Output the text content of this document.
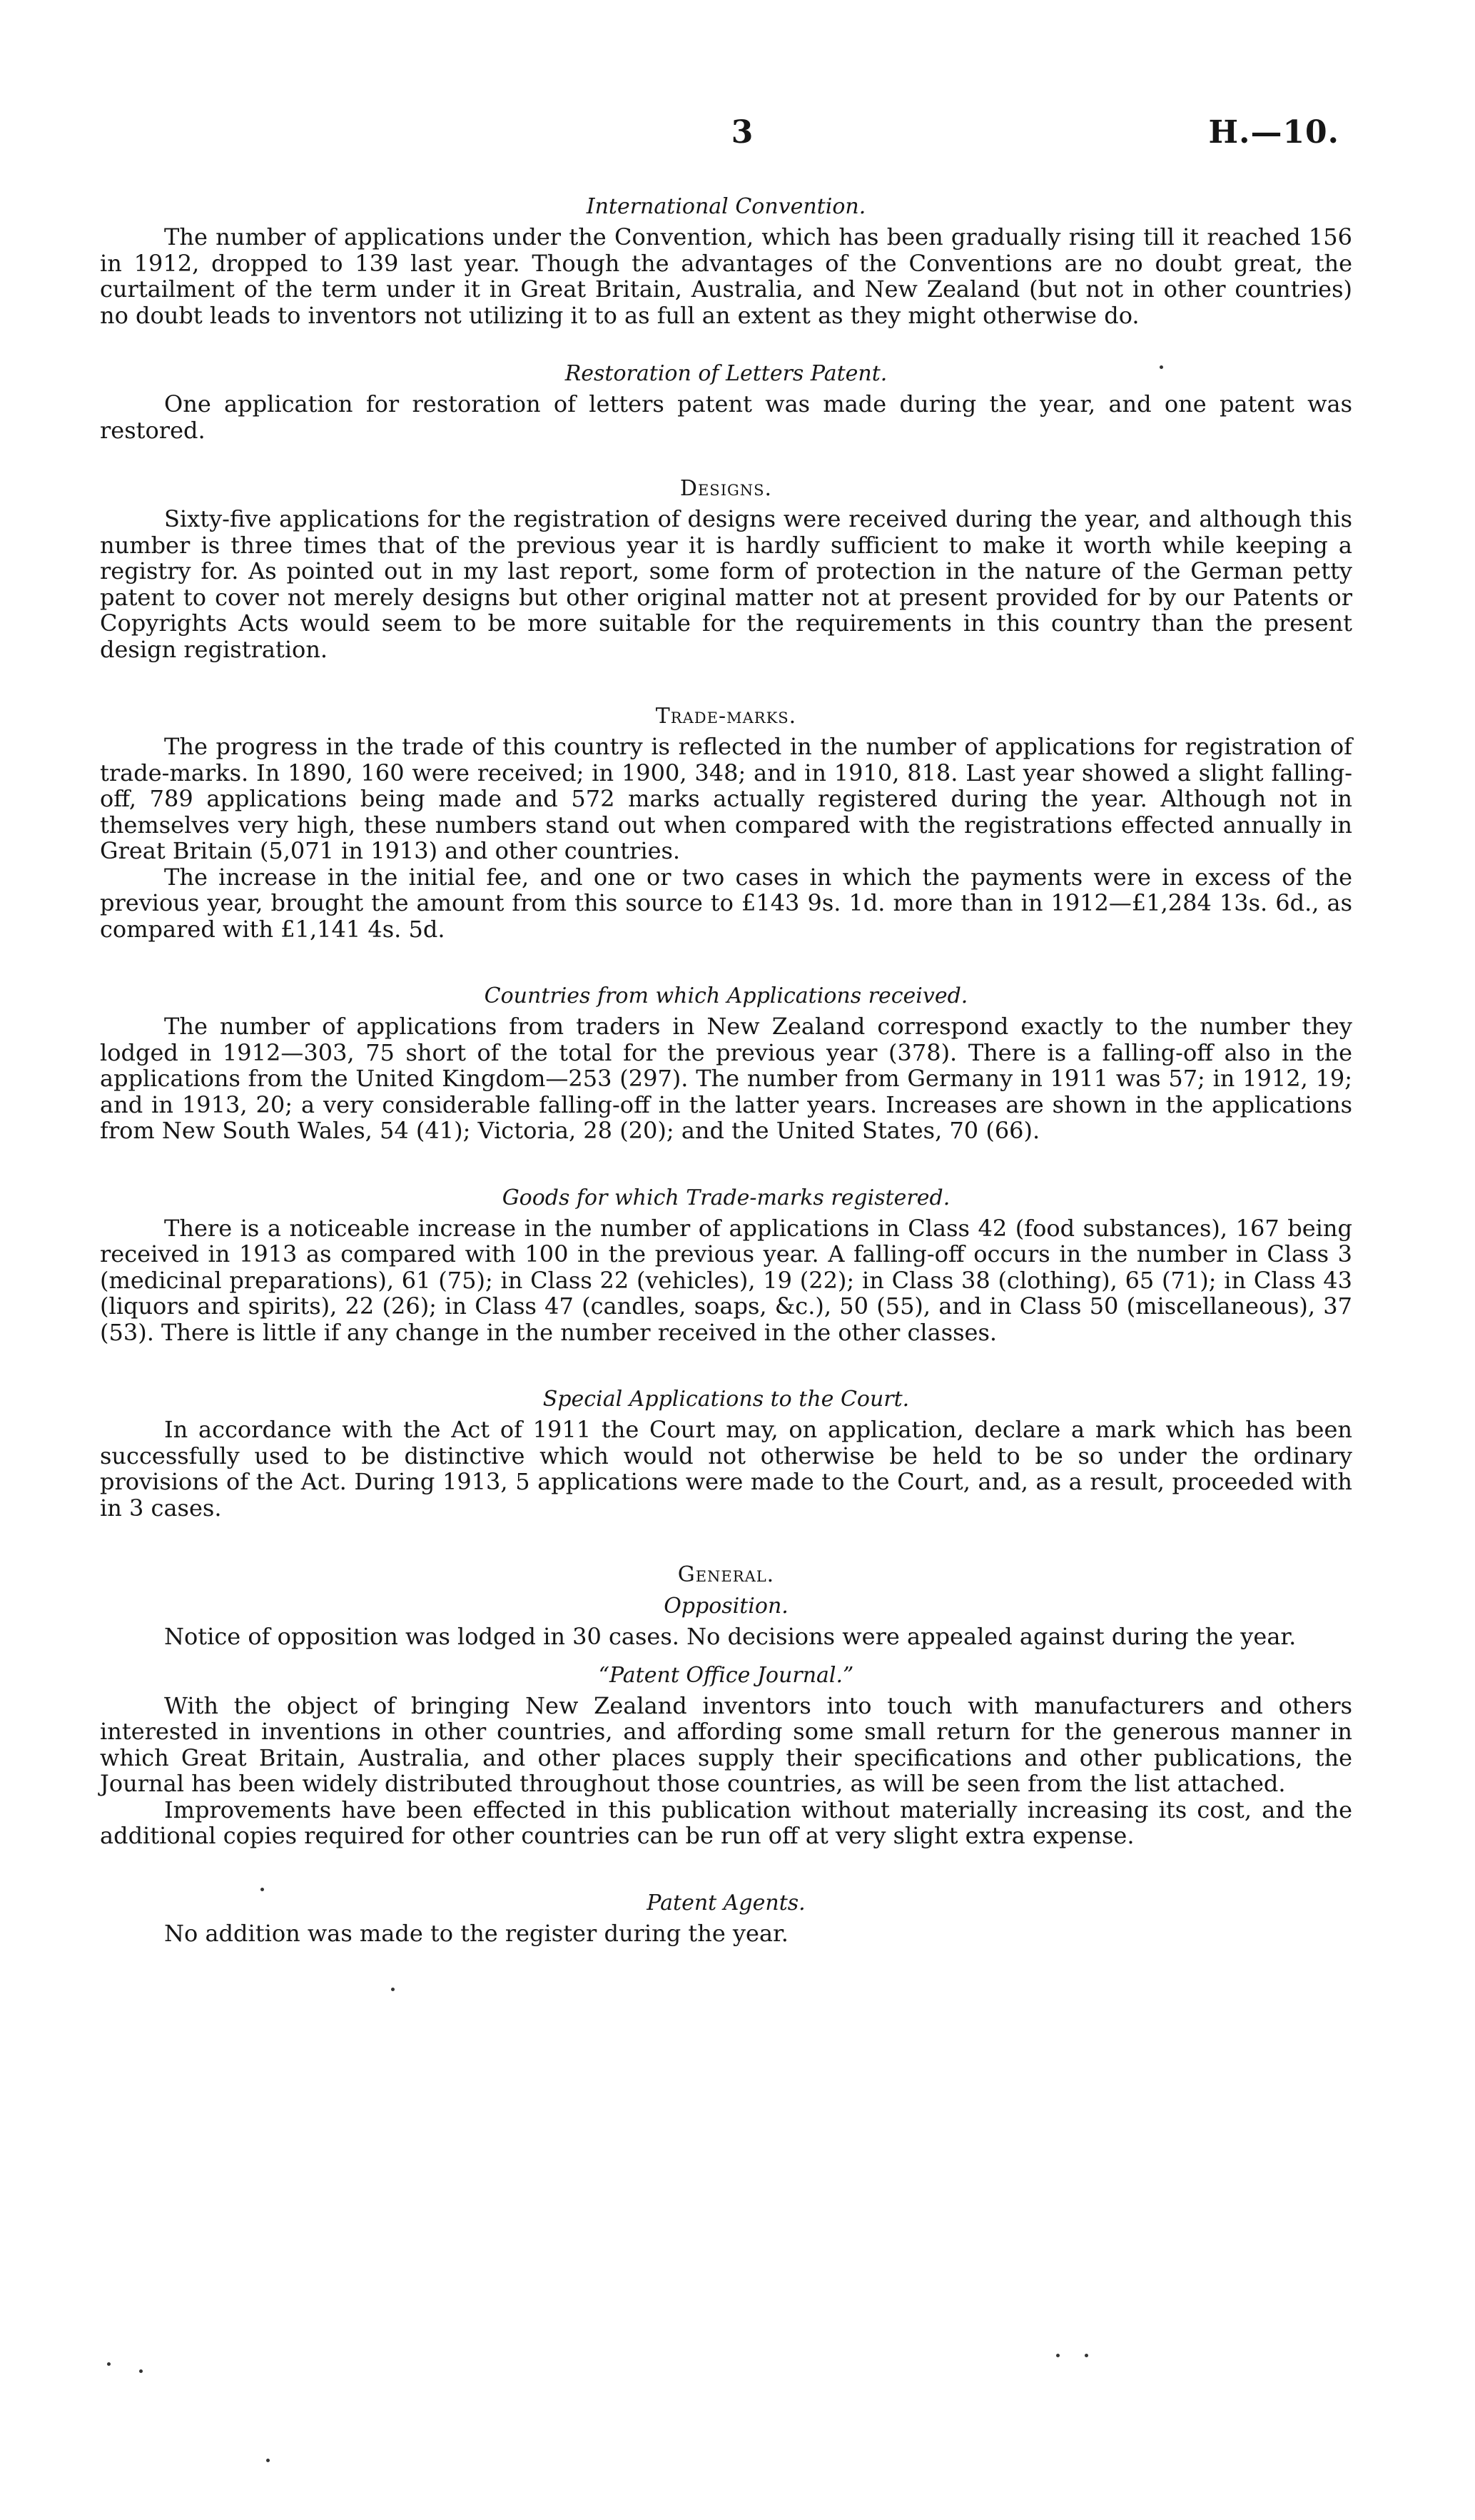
3	H.—10.

International Convention.

The number of applications under the Convention, which has been gradually rising till it reached 156 in 1912, dropped to 139 last year. Though the advantages of the Conventions are no doubt great, the curtailment of the term under it in Great Britain, Australia, and New Zealand (but not in other countries) no doubt leads to inventors not utilizing it to as full an extent as they might otherwise do.

Restoration of Letters Patent.

One application for restoration of letters patent was made during the year, and one patent was restored.

Designs.

Sixty-five applications for the registration of designs were received during the year, and although this number is three times that of the previous year it is hardly sufficient to make it worth while keeping a registry for. As pointed out in my last report, some form of protection in the nature of the German petty patent to cover not merely designs but other original matter not at present provided for by our Patents or Copyrights Acts would seem to be more suitable for the requirements in this country than the present design registration.

Trade-marks.

The progress in the trade of this country is reflected in the number of applications for registration of trade-marks. In 1890, 160 were received; in 1900, 348; and in 1910, 818. Last year showed a slight falling-off, 789 applications being made and 572 marks actually registered during the year. Although not in themselves very high, these numbers stand out when compared with the registrations effected annually in Great Britain (5,071 in 1913) and other countries.

The increase in the initial fee, and one or two cases in which the payments were in excess of the previous year, brought the amount from this source to £143 9s. 1d. more than in 1912—£1,284 13s. 6d., as compared with £1,141 4s. 5d.

Countries from which Applications received.

The number of applications from traders in New Zealand correspond exactly to the number they lodged in 1912—303, 75 short of the total for the previous year (378). There is a falling-off also in the applications from the United Kingdom—253 (297). The number from Germany in 1911 was 57; in 1912, 19; and in 1913, 20; a very considerable falling-off in the latter years. Increases are shown in the applications from New South Wales, 54 (41); Victoria, 28 (20); and the United States, 70 (66).

Goods for which Trade-marks registered.

There is a noticeable increase in the number of applications in Class 42 (food substances), 167 being received in 1913 as compared with 100 in the previous year. A falling-off occurs in the number in Class 3 (medicinal preparations), 61 (75); in Class 22 (vehicles), 19 (22); in Class 38 (clothing), 65 (71); in Class 43 (liquors and spirits), 22 (26); in Class 47 (candles, soaps, &c.), 50 (55), and in Class 50 (miscellaneous), 37 (53). There is little if any change in the number received in the other classes.

Special Applications to the Court.

In accordance with the Act of 1911 the Court may, on application, declare a mark which has been successfully used to be distinctive which would not otherwise be held to be so under the ordinary provisions of the Act. During 1913, 5 applications were made to the Court, and, as a result, proceeded with in 3 cases.

General.

Opposition.

Notice of opposition was lodged in 30 cases. No decisions were appealed against during the year.

“Patent Office Journal.”

With the object of bringing New Zealand inventors into touch with manufacturers and others interested in inventions in other countries, and affording some small return for the generous manner in which Great Britain, Australia, and other places supply their specifications and other publications, the Journal has been widely distributed throughout those countries, as will be seen from the list attached.

Improvements have been effected in this publication without materially increasing its cost, and the additional copies required for other countries can be run off at very slight extra expense.

Patent Agents.

No addition was made to the register during the year.
